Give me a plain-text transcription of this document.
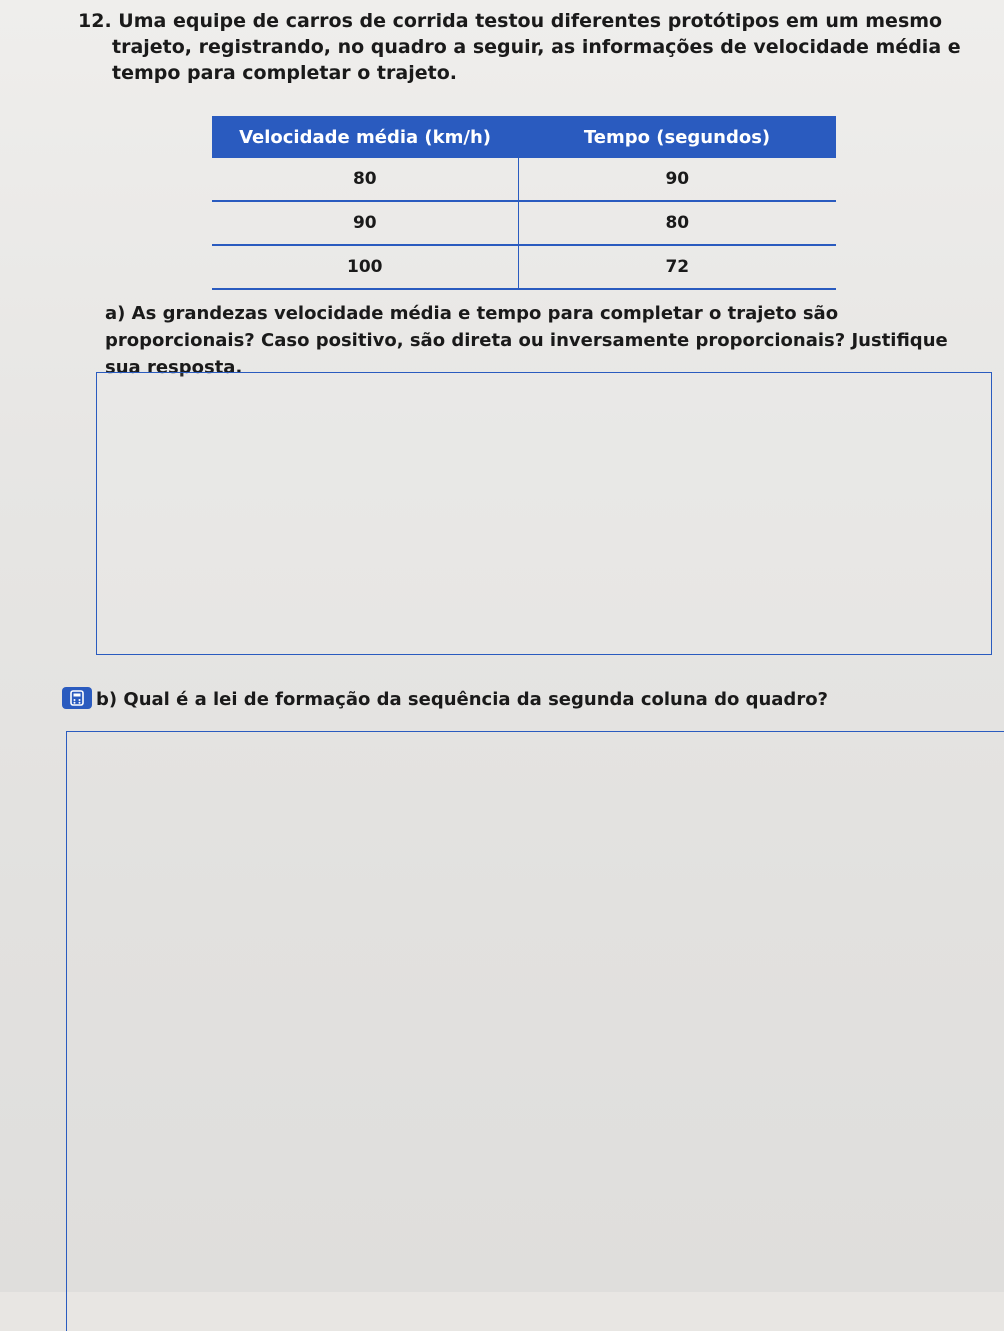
12. Uma equipe de carros de corrida testou diferentes protótipos em um mesmo trajeto, registrando, no quadro a seguir, as informações de velocidade média e tempo para completar o trajeto.
Velocidade média (km/h)	Tempo (segundos)
80	90
90	80
100	72
a) As grandezas velocidade média e tempo para completar o trajeto são proporcionais? Caso positivo, são direta ou inversamente proporcionais? Justifique sua resposta.
b) Qual é a lei de formação da sequência da segunda coluna do quadro?
